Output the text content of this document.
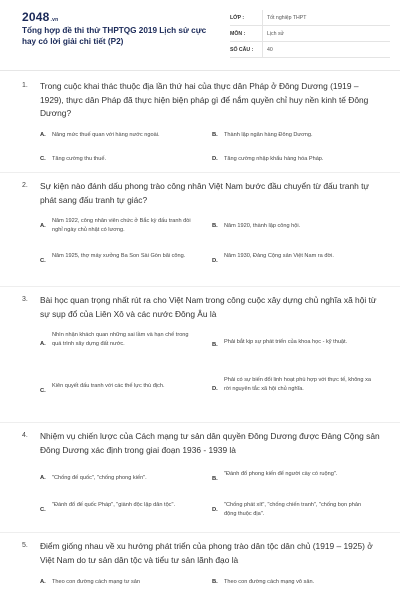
2048.vn
Tổng hợp đề thi thử THPTQG 2019 Lịch sử cực hay có lời giải chi tiết (P2)
LỚP :	Tốt nghiệp THPT
MÔN :	Lịch sử
SỐ CÂU :	40
1. Trong cuộc khai thác thuộc địa lần thứ hai của thực dân Pháp ở Đông Dương (1919 – 1929), thực dân Pháp đã thực hiện biện pháp gì để nắm quyền chỉ huy nền kinh tế Đông Dương?
A. Nâng mức thuế quan với hàng nước ngoài.	B. Thành lập ngân hàng Đông Dương.
C. Tăng cường thu thuế.	D. Tăng cường nhập khẩu hàng hóa Pháp.
2. Sự kiện nào đánh dấu phong trào công nhân Việt Nam bước đầu chuyển từ đấu tranh tự phát sang đấu tranh tự giác?
A.
Năm 1922, công nhân viên chức ở Bắc kỳ đấu tranh đòi nghỉ ngày chủ nhật có lương.
B. Năm 1920, thành lập công hội.
C.
Năm 1925, thợ máy xưởng Ba Son Sài Gòn bãi công.
D.
Năm 1930, Đảng Cộng sản Việt Nam ra đời.
3. Bài học quan trọng nhất rút ra cho Việt Nam trong công cuộc xây dựng chủ nghĩa xã hội từ sự sụp đổ của Liên Xô và các nước Đông Âu là
A.
Nhìn nhận khách quan những sai lầm và hạn chế trong quá trình xây dựng đất nước.	B. Phải bắt kịp sự phát triển của khoa học - kỹ thuật.
C.
Kiên quyết đấu tranh với các thế lực thù địch.	D.
Phải có sự biến đổi linh hoạt phù hợp với thực tế, không xa rời nguyên tắc xã hội chủ nghĩa.
4. Nhiệm vụ chiến lược của Cách mạng tư sản dân quyền Đông Dương được Đảng Cộng sản Đông Dương xác định trong giai đoạn 1936 - 1939 là
A. "Chống đế quốc", "chống phong kiến".	B.
"Đánh đổ phong kiến để người cày có ruộng".
C.
"Đánh đổ đế quốc Pháp", "giành độc lập dân tộc".
D.
"Chống phát xít", "chống chiến tranh", "chống bọn phản động thuộc địa".
5. Điểm giống nhau về xu hướng phát triển của phong trào dân tộc dân chủ (1919 – 1925) ở Việt Nam do tư sản dân tộc và tiểu tư sản lãnh đạo là
A. Theo con đường cách mạng tư sản	B. Theo con đường cách mạng vô sản.
